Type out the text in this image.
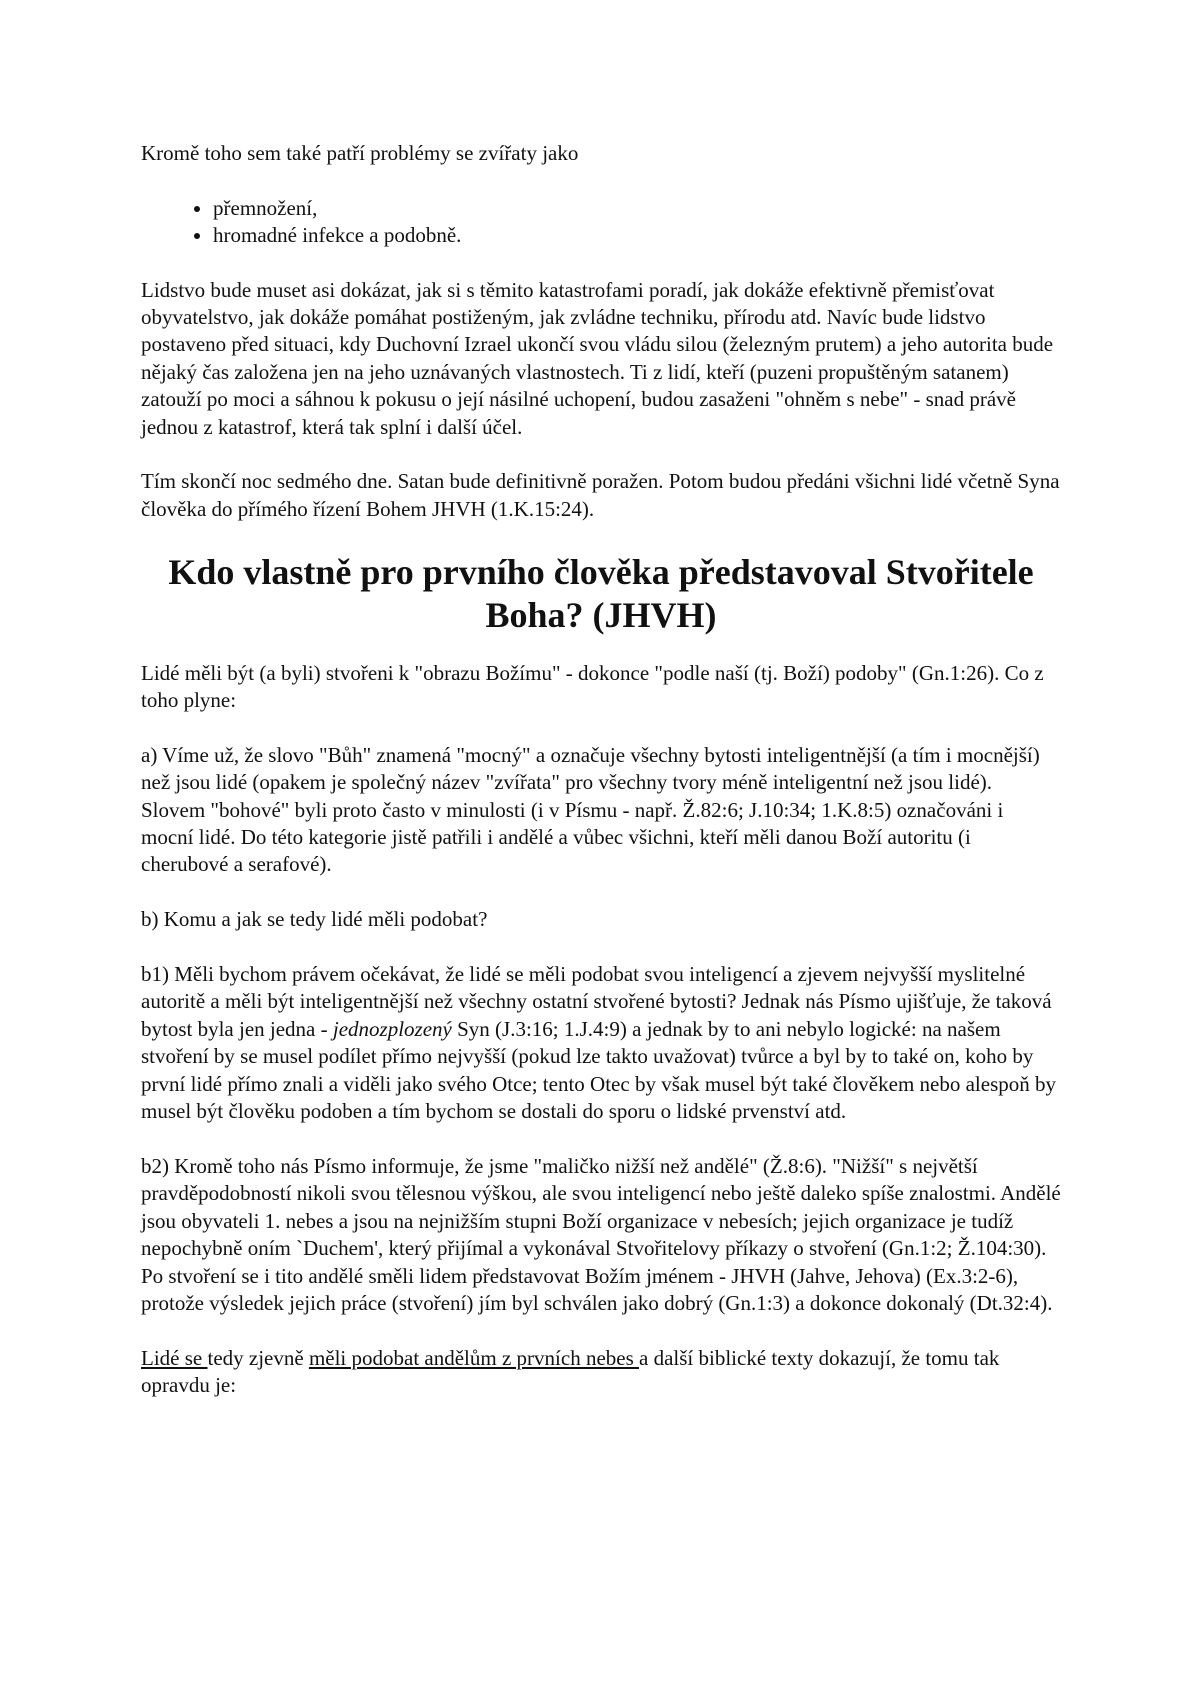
Kromě toho sem také patří problémy se zvířaty jako

• přemnožení,
• hromadné infekce a podobně.

Lidstvo bude muset asi dokázat, jak si s těmito katastrofami poradí, jak dokáže efektivně přemisťovat obyvatelstvo, jak dokáže pomáhat postiženým, jak zvládne techniku, přírodu atd. Navíc bude lidstvo postaveno před situaci, kdy Duchovní Izrael ukončí svou vládu silou (železným prutem) a jeho autorita bude nějaký čas založena jen na jeho uznávaných vlastnostech. Ti z lidí, kteří (puzeni propuštěným satanem) zatouží po moci a sáhnou k pokusu o její násilné uchopení, budou zasaženi "ohněm s nebe" - snad právě jednou z katastrof, která tak splní i další účel.

Tím skončí noc sedmého dne. Satan bude definitivně poražen. Potom budou předáni všichni lidé včetně Syna člověka do přímého řízení Bohem JHVH (1.K.15:24).

Kdo vlastně pro prvního člověka představoval Stvořitele Boha? (JHVH)

Lidé měli být (a byli) stvořeni k "obrazu Božímu" - dokonce "podle naší (tj. Boží) podoby" (Gn.1:26). Co z toho plyne:

a) Víme už, že slovo "Bůh" znamená "mocný" a označuje všechny bytosti inteligentnější (a tím i mocnější) než jsou lidé (opakem je společný název "zvířata" pro všechny tvory méně inteligentní než jsou lidé). Slovem "bohové" byli proto často v minulosti (i v Písmu - např. Ž.82:6; J.10:34; 1.K.8:5) označováni i mocní lidé. Do této kategorie jistě patřili i andělé a vůbec všichni, kteří měli danou Boží autoritu (i cherubové a serafové).

b) Komu a jak se tedy lidé měli podobat?

b1) Měli bychom právem očekávat, že lidé se měli podobat svou inteligencí a zjevem nejvyšší myslitelné autoritě a měli být inteligentnější než všechny ostatní stvořené bytosti? Jednak nás Písmo ujišťuje, že taková bytost byla jen jedna - jednozplozený Syn (J.3:16; 1.J.4:9) a jednak by to ani nebylo logické: na našem stvoření by se musel podílet přímo nejvyšší (pokud lze takto uvažovat) tvůrce a byl by to také on, koho by první lidé přímo znali a viděli jako svého Otce; tento Otec by však musel být také člověkem nebo alespoň by musel být člověku podoben a tím bychom se dostali do sporu o lidské prvenství atd.

b2) Kromě toho nás Písmo informuje, že jsme "maličko nižší než andělé" (Ž.8:6). "Nižší" s největší pravděpodobností nikoli svou tělesnou výškou, ale svou inteligencí nebo ještě daleko spíše znalostmi. Andělé jsou obyvateli 1. nebes a jsou na nejnižším stupni Boží organizace v nebesích; jejich organizace je tudíž nepochybně oním `Duchem', který přijímal a vykonával Stvořitelovy příkazy o stvoření (Gn.1:2; Ž.104:30). Po stvoření se i tito andělé směli lidem představovat Božím jménem - JHVH (Jahve, Jehova) (Ex.3:2-6), protože výsledek jejich práce (stvoření) jím byl schválen jako dobrý (Gn.1:3) a dokonce dokonalý (Dt.32:4).

Lidé se tedy zjevně měli podobat andělům z prvních nebes a další biblické texty dokazují, že tomu tak opravdu je:
